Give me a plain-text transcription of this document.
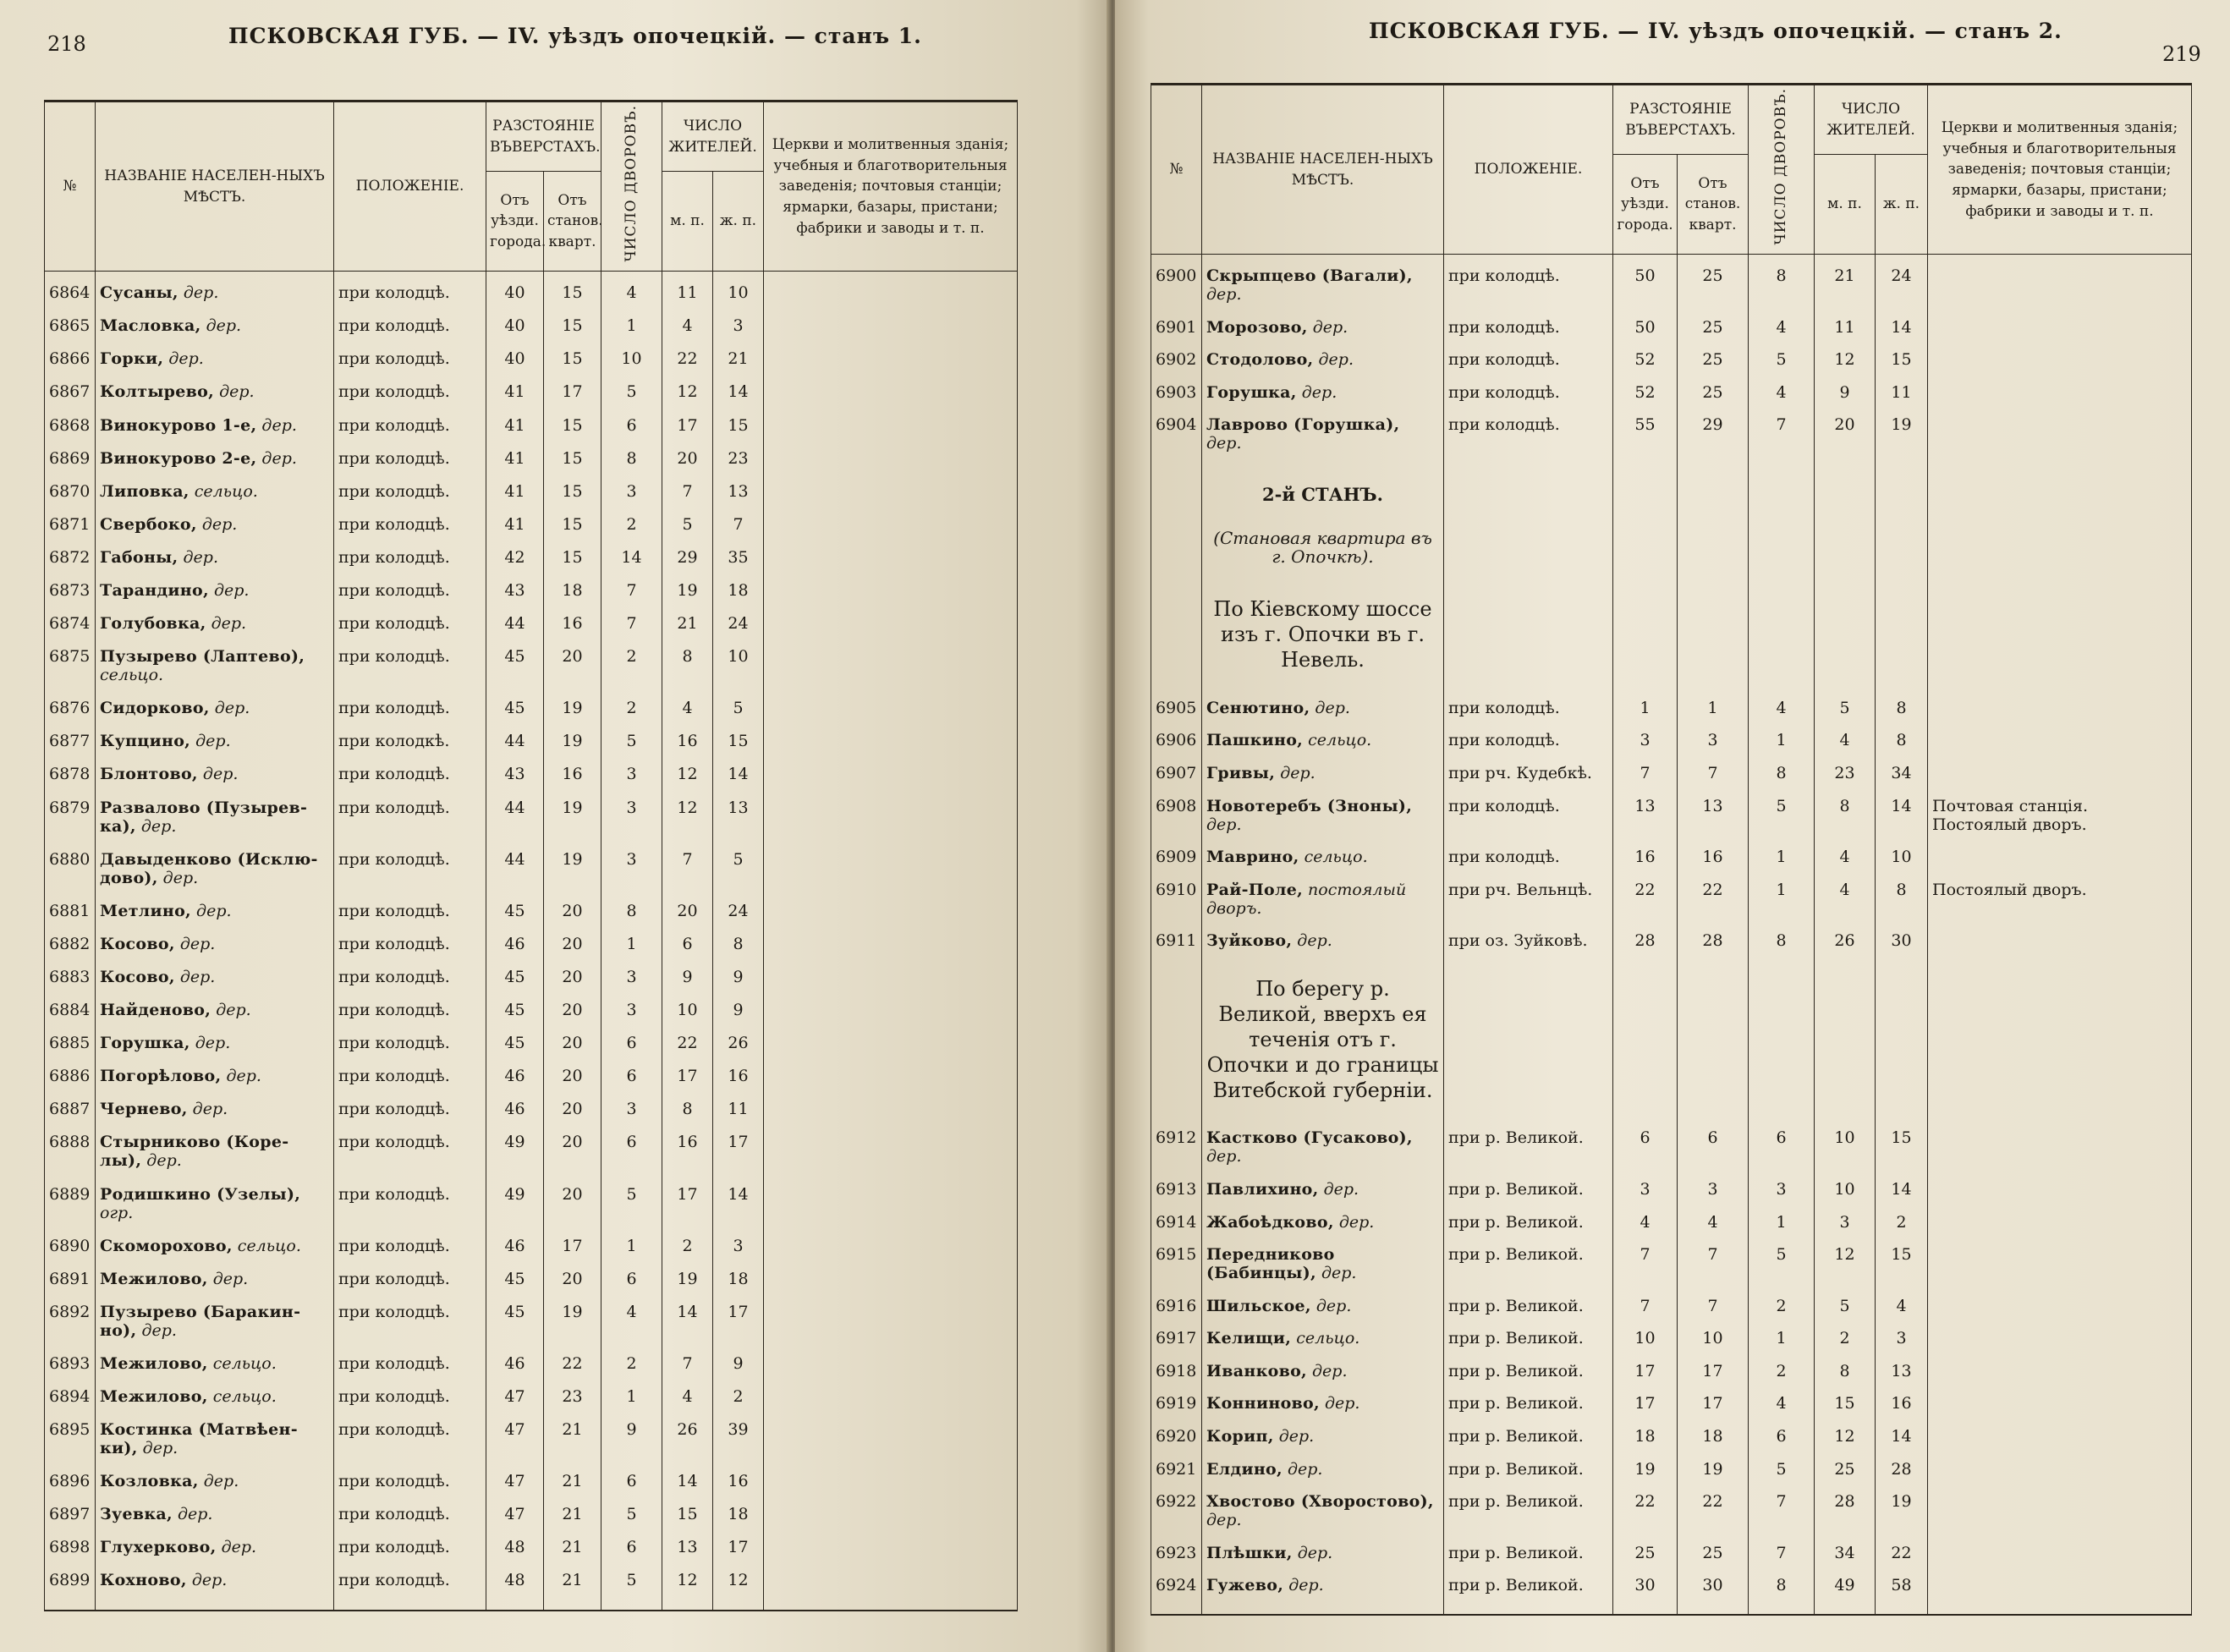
218	ПСКОВСКАЯ ГУБ. — IV. уѣздъ опочецкій. — станъ 1.
№	НАЗВАНІЕ НАСЕЛЕН-НЫХЪ МѢСТЪ.	ПОЛОЖЕНІЕ.	РАЗСТОЯНІЕ ВЪВЕРСТАХЪ.		ЧИСЛО ДВОРОВЪ.	ЧИСЛО ЖИТЕЛЕЙ.		Церкви и молитвенныя зданія; учебныя и благотворительныя заведенія; почтовыя станціи; ярмарки, базары, пристани; фабрики и заводы и т. п.
			Отъ уѣзди. города.	Отъ станов. кварт.		м. п.	ж. п.	
6864	Сусаны, дер.	при колодцѣ.	40	15	4	11	10	
6865	Масловка, дер.	при колодцѣ.	40	15	1	4	3	
6866	Горки, дер.	при колодцѣ.	40	15	10	22	21	
6867	Колтырево, дер.	при колодцѣ.	41	17	5	12	14	
6868	Винокурово 1-е, дер.	при колодцѣ.	41	15	6	17	15	
6869	Винокурово 2-е, дер.	при колодцѣ.	41	15	8	20	23	
6870	Липовка, сельцо.	при колодцѣ.	41	15	3	7	13	
6871	Свербоко, дер.	при колодцѣ.	41	15	2	5	7	
6872	Габоны, дер.	при колодцѣ.	42	15	14	29	35	
6873	Тарандино, дер.	при колодцѣ.	43	18	7	19	18	
6874	Голубовка, дер.	при колодцѣ.	44	16	7	21	24	
6875	Пузырево (Лаптево), сельцо.	при колодцѣ.	45	20	2	8	10	
6876	Сидорково, дер.	при колодцѣ.	45	19	2	4	5	
6877	Купцино, дер.	при колодкѣ.	44	19	5	16	15	
6878	Блонтово, дер.	при колодцѣ.	43	16	3	12	14	
6879	Развалово (Пузырев-ка), дер.	при колодцѣ.	44	19	3	12	13	
6880	Давыденково (Исклю-дово), дер.	при колодцѣ.	44	19	3	7	5	
6881	Метлино, дер.	при колодцѣ.	45	20	8	20	24	
6882	Косово, дер.	при колодцѣ.	46	20	1	6	8	
6883	Косово, дер.	при колодцѣ.	45	20	3	9	9	
6884	Найденово, дер.	при колодцѣ.	45	20	3	10	9	
6885	Горушка, дер.	при колодцѣ.	45	20	6	22	26	
6886	Погорѣлово, дер.	при колодцѣ.	46	20	6	17	16	
6887	Чернево, дер.	при колодцѣ.	46	20	3	8	11	
6888	Стырниково (Коре-лы), дер.	при колодцѣ.	49	20	6	16	17	
6889	Родишкино (Узелы), огр.	при колодцѣ.	49	20	5	17	14	
6890	Скоморохово, сельцо.	при колодцѣ.	46	17	1	2	3	
6891	Межилово, дер.	при колодцѣ.	45	20	6	19	18	
6892	Пузырево (Баракин-но), дер.	при колодцѣ.	45	19	4	14	17	
6893	Межилово, сельцо.	при колодцѣ.	46	22	2	7	9	
6894	Межилово, сельцо.	при колодцѣ.	47	23	1	4	2	
6895	Костинка (Матвѣен-ки), дер.	при колодцѣ.	47	21	9	26	39	
6896	Козловка, дер.	при колодцѣ.	47	21	6	14	16	
6897	Зуевка, дер.	при колодцѣ.	47	21	5	15	18	
6898	Глухерково, дер.	при колодцѣ.	48	21	6	13	17	
6899	Кохново, дер.	при колодцѣ.	48	21	5	12	12	
ПСКОВСКАЯ ГУБ. — IV. уѣздъ опочецкій. — станъ 2.
219
№	НАЗВАНІЕ НАСЕЛЕН-НЫХЪ МѢСТЪ.	ПОЛОЖЕНІЕ.	РАЗСТОЯНІЕ ВЪВЕРСТАХЪ.		ЧИСЛО ДВОРОВЪ.	ЧИСЛО ЖИТЕЛЕЙ.		Церкви и молитвенныя зданія; учебныя и благотворительныя заведенія; почтовыя станціи; ярмарки, базары, пристани; фабрики и заводы и т. п.
			Отъ уѣзди. города.	Отъ станов. кварт.		м. п.	ж. п.	
6900	Скрыпцево (Вагали), дер.	при колодцѣ.	50	25	8	21	24	
6901	Морозово, дер.	при колодцѣ.	50	25	4	11	14	
6902	Стодолово, дер.	при колодцѣ.	52	25	5	12	15	
6903	Горушка, дер.	при колодцѣ.	52	25	4	9	11	
6904	Лаврово (Горушка), дер.	при колодцѣ.	55	29	7	20	19	
	2-й СТАНЪ.							
	(Становая квартира въ г. Опочкѣ).							
	По Кіевскому шоссе изъ г. Опочки въ г. Невель.							
6905	Сенютино, дер.	при колодцѣ.	1	1	4	5	8	
6906	Пашкино, сельцо.	при колодцѣ.	3	3	1	4	8	
6907	Гривы, дер.	при рч. Кудебкѣ.	7	7	8	23	34	
6908	Новотеребъ (Зноны), дер.	при колодцѣ.	13	13	5	8	14	Почтовая станція. Постоялый дворъ.
6909	Маврино, сельцо.	при колодцѣ.	16	16	1	4	10	
6910	Рай-Поле, постоялый дворъ.	при рч. Вельнцѣ.	22	22	1	4	8	Постоялый дворъ.
6911	Зуйково, дер.	при оз. Зуйковѣ.	28	28	8	26	30	
	По берегу р. Великой, вверхъ ея теченія отъ г. Опочки и до границы Витебской губерніи.							
6912	Кастково (Гусаково), дер.	при р. Великой.	6	6	6	10	15	
6913	Павлихино, дер.	при р. Великой.	3	3	3	10	14	
6914	Жабоѣдково, дер.	при р. Великой.	4	4	1	3	2	
6915	Передниково (Бабинцы), дер.	при р. Великой.	7	7	5	12	15	
6916	Шильское, дер.	при р. Великой.	7	7	2	5	4	
6917	Келищи, сельцо.	при р. Великой.	10	10	1	2	3	
6918	Иванково, дер.	при р. Великой.	17	17	2	8	13	
6919	Конниново, дер.	при р. Великой.	17	17	4	15	16	
6920	Корип, дер.	при р. Великой.	18	18	6	12	14	
6921	Елдино, дер.	при р. Великой.	19	19	5	25	28	
6922	Хвостово (Хворостово), дер.	при р. Великой.	22	22	7	28	19	
6923	Плѣшки, дер.	при р. Великой.	25	25	7	34	22	
6924	Гужево, дер.	при р. Великой.	30	30	8	49	58	
